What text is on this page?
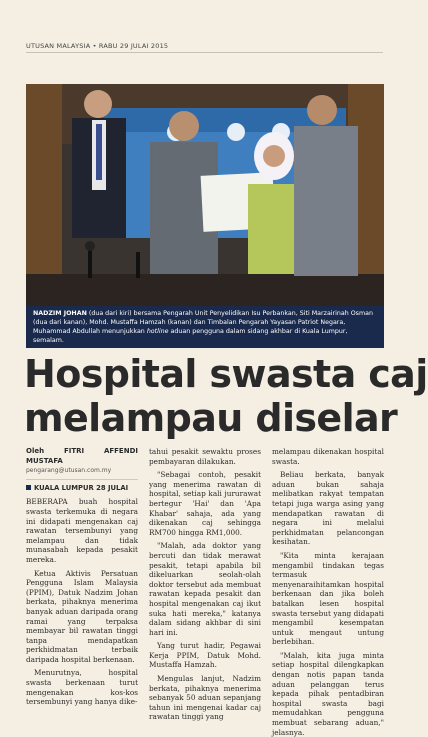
UTUSAN MALAYSIA • RABU 29 JULAI 2015
NADZIM JOHAN (dua dari kiri) bersama Pengarah Unit Penyelidikan Isu Perbankan, Siti Marzairinah Osman (dua dari kanan), Mohd. Mustaffa Hamzah (kanan) dan Timbalan Pengarah Yayasan Patriot Negara, Muhammad Abdullah menunjukkan hotline aduan pengguna dalam sidang akhbar di Kuala Lumpur, semalam.
Hospital swasta caj
melampau diselar
Oleh FITRI AFFENDI MUSTAFA
pengarang@utusan.com.my
KUALA LUMPUR 28 JULAI

BEBERAPA buah hospital swasta terkemuka di negara ini didapati mengenakan caj rawatan tersembunyi yang melampau dan tidak munasabah kepada pesakit mereka.

Ketua Aktivis Persatuan Pengguna Islam Malaysia (PPIM), Datuk Nadzim Johan berkata, pihaknya menerima banyak aduan daripada orang ramai yang terpaksa membayar bil rawatan tinggi tanpa mendapatkan perkhidmatan terbaik daripada hospital berkenaan.

Menurutnya, hospital swasta berkenaan turut mengenakan kos-kos tersembunyi yang hanya dike-

tahui pesakit sewaktu proses pembayaran dilakukan.

"Sebagai contoh, pesakit yang menerima rawatan di hospital, setiap kali jururawat bertegur 'Hai' dan 'Apa Khabar' sahaja, ada yang dikenakan caj sehingga RM700 hingga RM1,000.

"Malah, ada doktor yang bercuti dan tidak merawat pesakit, tetapi apabila bil dikeluarkan seolah-olah doktor tersebut ada membuat rawatan kepada pesakit dan hospital mengenakan caj ikut suka hati mereka," katanya dalam sidang akhbar di sini hari ini.

Yang turut hadir, Pegawai Kerja PPIM, Datuk Mohd. Mustaffa Hamzah.

Mengulas lanjut, Nadzim berkata, pihaknya menerima sebanyak 50 aduan sepanjang tahun ini mengenai kadar caj rawatan tinggi yang

melampau dikenakan hospital swasta.

Beliau berkata, banyak aduan bukan sahaja melibatkan rakyat tempatan tetapi juga warga asing yang mendapatkan rawatan di negara ini melalui perkhidmatan pelancongan kesihatan.

"Kita minta kerajaan mengambil tindakan tegas termasuk menyenaraihitamkan hospital berkenaan dan jika boleh batalkan lesen hospital swasta tersebut yang didapati mengambil kesempatan untuk mengaut untung berlebihan.

"Malah, kita juga minta setiap hospital dilengkapkan dengan notis papan tanda aduan pelanggan terus kepada pihak pentadbiran hospital swasta bagi memudahkan pengguna membuat sebarang aduan," jelasnya.
